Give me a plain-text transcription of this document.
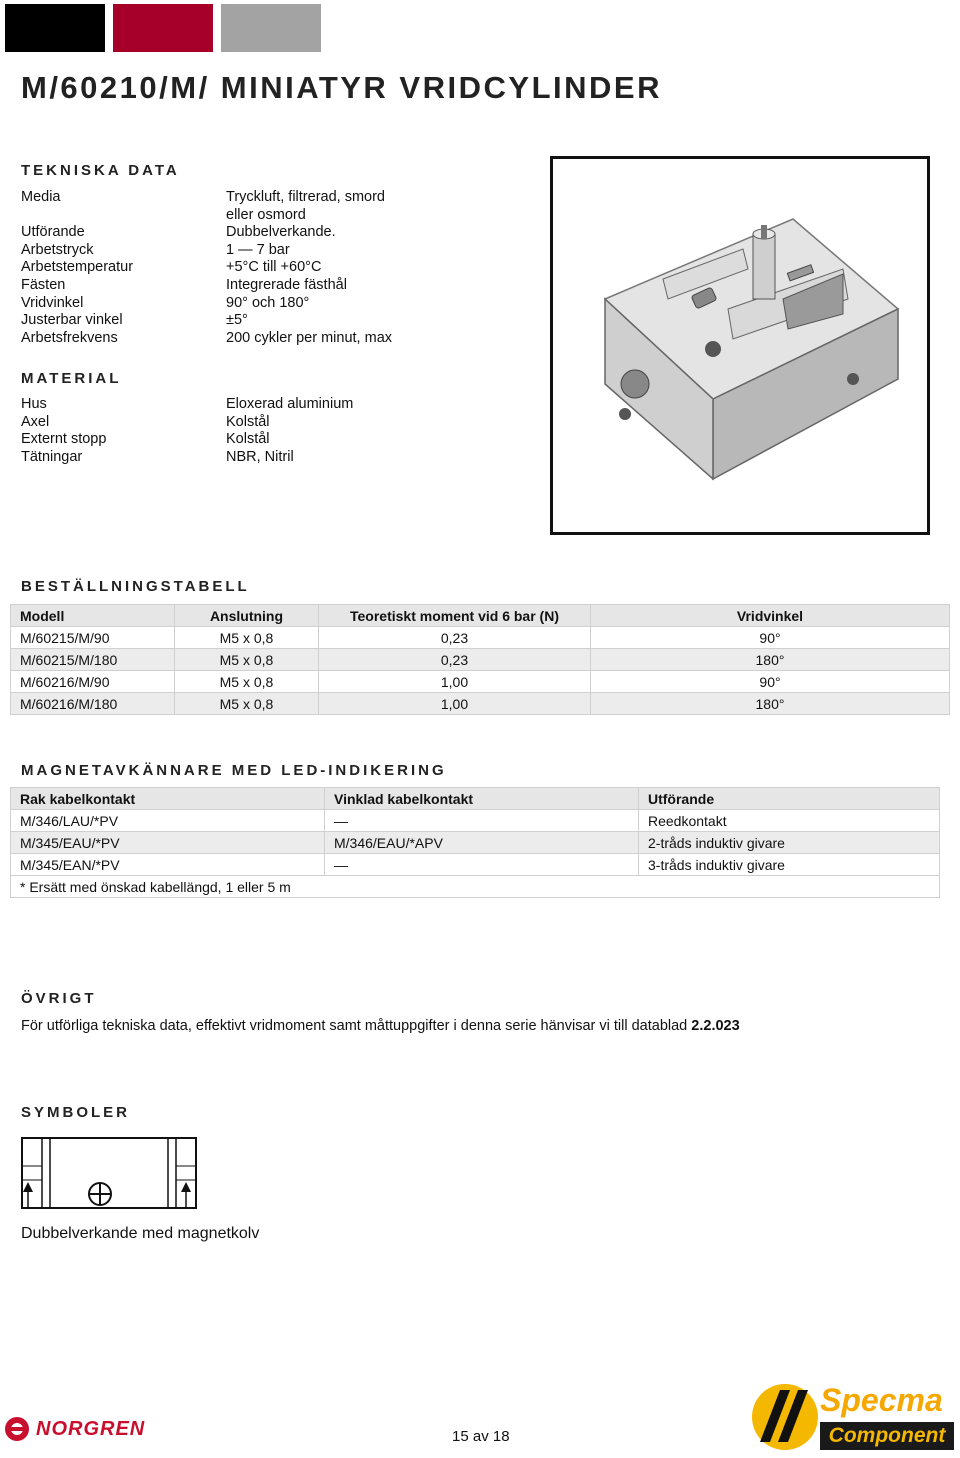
M/60210/M/ MINIATYR VRIDCYLINDER
TEKNISKA DATA
Media	Tryckluft, filtrerad, smord
eller osmord
Utförande	Dubbelverkande.
Arbetstryck	1 — 7 bar
Arbetstemperatur	+5°C till +60°C
Fästen	Integrerade fästhål
Vridvinkel	90° och 180°
Justerbar vinkel	±5°
Arbetsfrekvens	200 cykler per minut, max
MATERIAL
Hus	Eloxerad aluminium
Axel	Kolstål
Externt stopp	Kolstål
Tätningar	NBR, Nitril
BESTÄLLNINGSTABELL
Modell	Anslutning	Teoretiskt moment vid 6 bar (N)	Vridvinkel
M/60215/M/90	M5 x 0,8	0,23	90°
M/60215/M/180	M5 x 0,8	0,23	180°
M/60216/M/90	M5 x 0,8	1,00	90°
M/60216/M/180	M5 x 0,8	1,00	180°
MAGNETAVKÄNNARE MED LED-INDIKERING
Rak kabelkontakt	Vinklad kabelkontakt	Utförande
M/346/LAU/*PV	—	Reedkontakt
M/345/EAU/*PV	M/346/EAU/*APV	2-tråds induktiv givare
M/345/EAN/*PV	—	3-tråds induktiv givare
* Ersätt med önskad kabellängd, 1 eller 5 m		
ÖVRIGT
För utförliga tekniska data, effektivt vridmoment samt måttuppgifter i denna serie hänvisar vi till datablad 2.2.023
SYMBOLER
Dubbelverkande med magnetkolv
NORGREN	15 av 18
Specma
Component
